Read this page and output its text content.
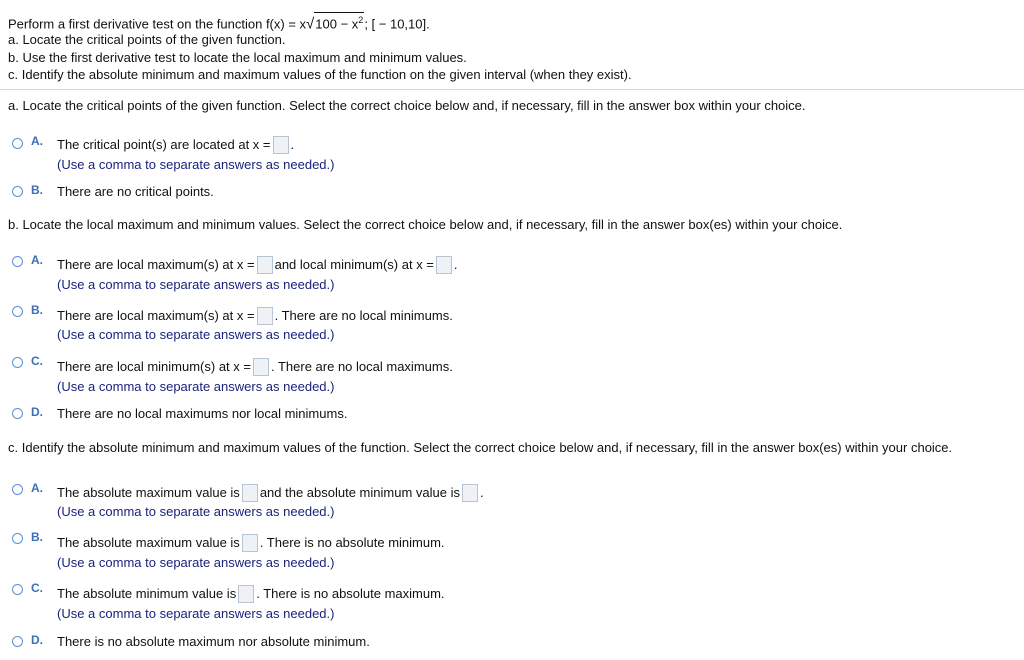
Perform a first derivative test on the function $f(x) = x√100 - x^2$; [ − 10,10].
a. Locate the critical points of the given function.
b. Use the first derivative test to locate the local maximum and minimum values.
c. Identify the absolute minimum and maximum values of the function on the given interval (when they exist).
a. Locate the critical points of the given function. Select the correct choice below and, if necessary, fill in the answer box within your choice.
A. The critical point(s) are located at x = .
(Use a comma to separate answers as needed.)
B. There are no critical points.
b. Locate the local maximum and minimum values. Select the correct choice below and, if necessary, fill in the answer box(es) within your choice.
A. There are local maximum(s) at x = and local minimum(s) at x = .
(Use a comma to separate answers as needed.)
B. There are local maximum(s) at x = . There are no local minimums.
(Use a comma to separate answers as needed.)
C. There are local minimum(s) at x = . There are no local maximums.
(Use a comma to separate answers as needed.)
D. There are no local maximums nor local minimums.
c. Identify the absolute minimum and maximum values of the function. Select the correct choice below and, if necessary, fill in the answer box(es) within your choice.
A. The absolute maximum value is and the absolute minimum value is .
(Use a comma to separate answers as needed.)
B. The absolute maximum value is . There is no absolute minimum.
(Use a comma to separate answers as needed.)
C. The absolute minimum value is . There is no absolute maximum.
(Use a comma to separate answers as needed.)
D. There is no absolute maximum nor absolute minimum.
